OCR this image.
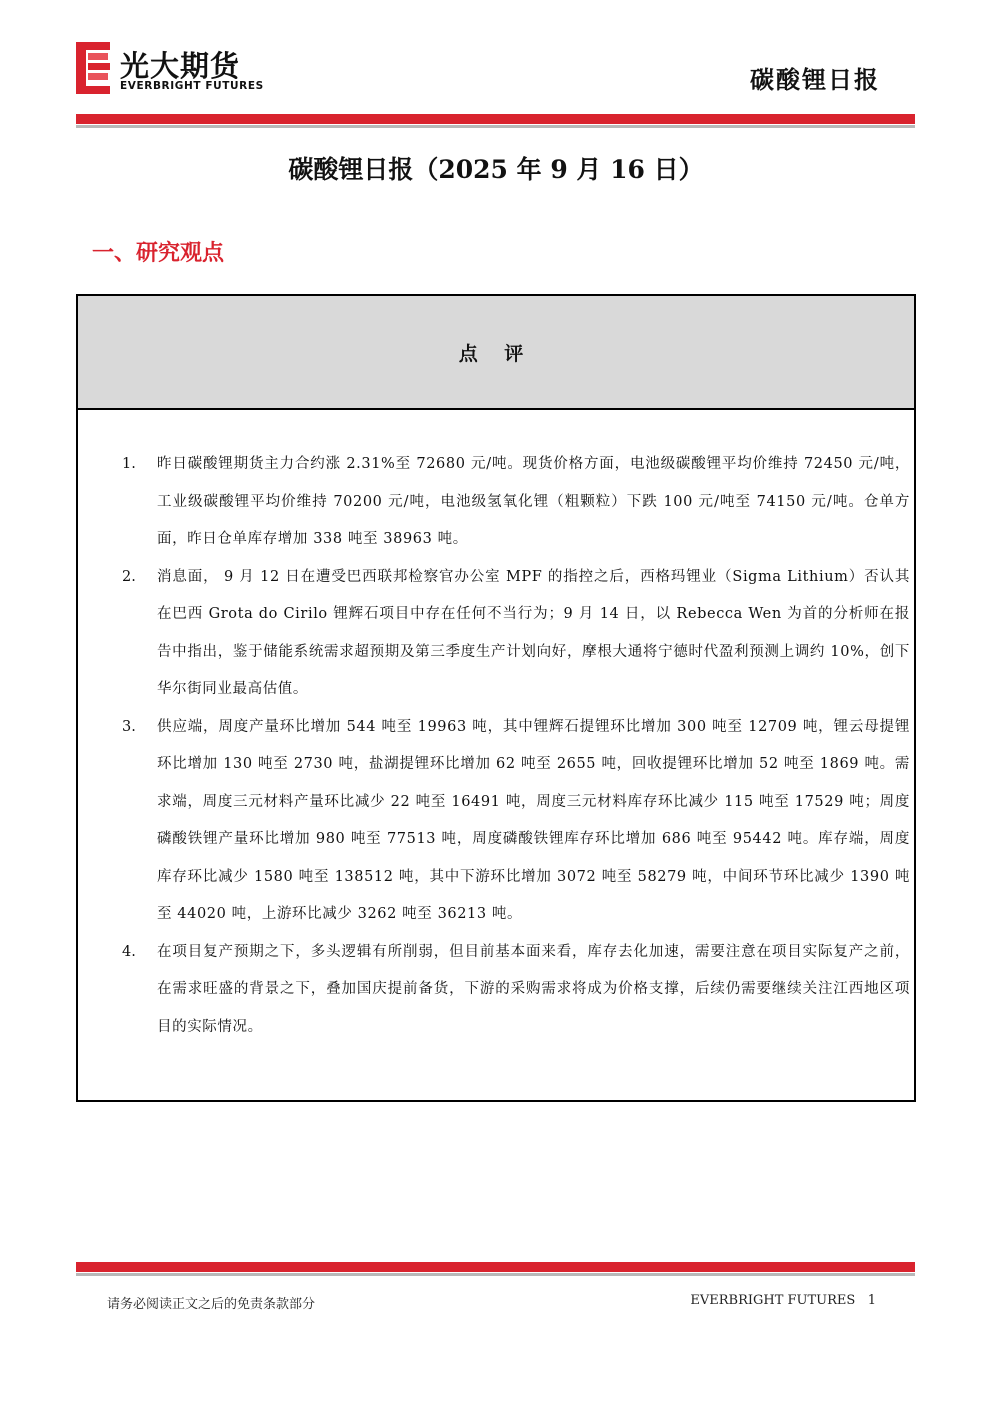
光大期货
EVERBRIGHT FUTURES	碳酸锂日报
碳酸锂日报（2025 年 9 月 16 日）
一、研究观点
点 评
1. 昨日碳酸锂期货主力合约涨 2.31%至 72680 元/吨。现货价格方面，电池级碳酸锂平均价维持 72450 元/吨，工业级碳酸锂平均价维持 70200 元/吨，电池级氢氧化锂（粗颗粒）下跌 100 元/吨至 74150 元/吨。仓单方面，昨日仓单库存增加 338 吨至 38963 吨。
2. 消息面， 9 月 12 日在遭受巴西联邦检察官办公室 MPF 的指控之后，西格玛锂业（Sigma Lithium）否认其在巴西 Grota do Cirilo 锂辉石项目中存在任何不当行为；9 月 14 日，以 Rebecca Wen 为首的分析师在报告中指出，鉴于储能系统需求超预期及第三季度生产计划向好，摩根大通将宁德时代盈利预测上调约 10%，创下华尔街同业最高估值。
3. 供应端，周度产量环比增加 544 吨至 19963 吨，其中锂辉石提锂环比增加 300 吨至 12709 吨，锂云母提锂环比增加 130 吨至 2730 吨，盐湖提锂环比增加 62 吨至 2655 吨，回收提锂环比增加 52 吨至 1869 吨。需求端，周度三元材料产量环比减少 22 吨至 16491 吨，周度三元材料库存环比减少 115 吨至 17529 吨；周度磷酸铁锂产量环比增加 980 吨至 77513 吨，周度磷酸铁锂库存环比增加 686 吨至 95442 吨。库存端，周度库存环比减少 1580 吨至 138512 吨，其中下游环比增加 3072 吨至 58279 吨，中间环节环比减少 1390 吨至 44020 吨，上游环比减少 3262 吨至 36213 吨。
4. 在项目复产预期之下，多头逻辑有所削弱，但目前基本面来看，库存去化加速，需要注意在项目实际复产之前，在需求旺盛的背景之下，叠加国庆提前备货，下游的采购需求将成为价格支撑，后续仍需要继续关注江西地区项目的实际情况。
请务必阅读正文之后的免责条款部分	EVERBRIGHT FUTURES 1
